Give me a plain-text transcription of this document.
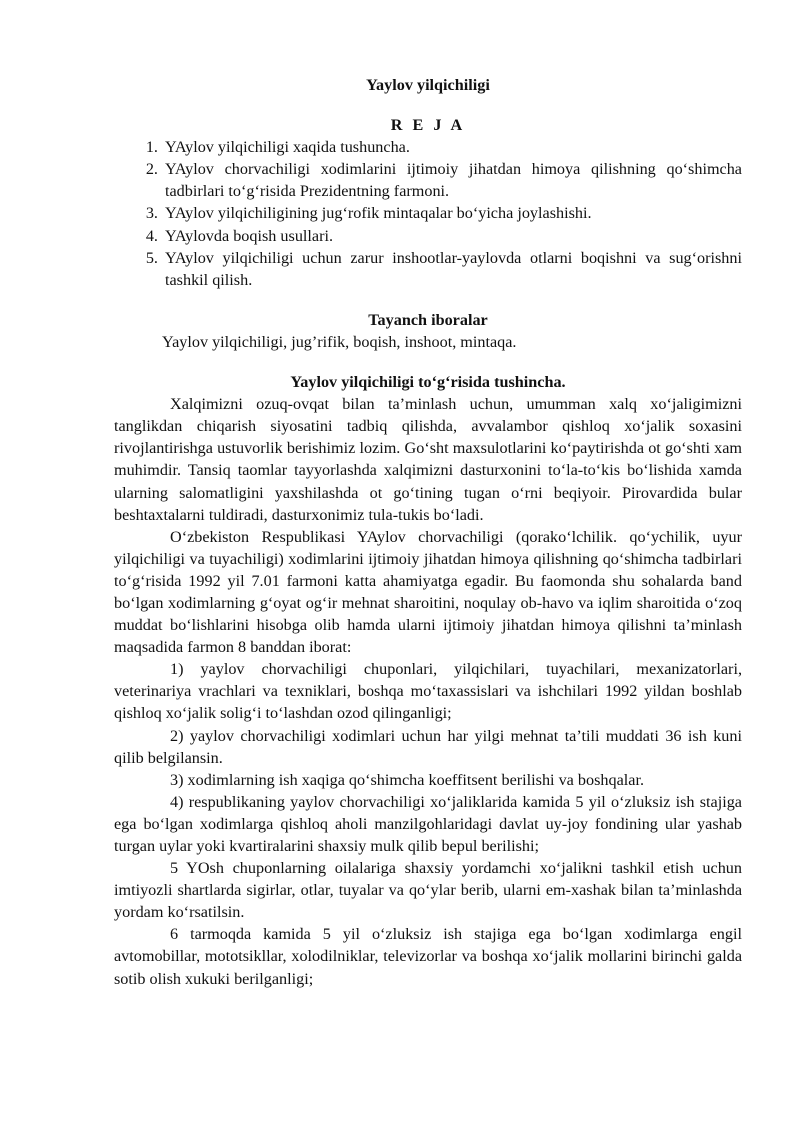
Yaylov yilqichiligi
R E J A
1. YAylov yilqichiligi xaqida tushuncha.
2. YAylov chorvachiligi xodimlarini ijtimoiy jihatdan himoya qilishning qo‘shimcha tadbirlari to‘g‘risida Prezidentning farmoni.
3. YAylov yilqichiligining jug‘rofik mintaqalar bo‘yicha joylashishi.
4. YAylovda boqish usullari.
5. YAylov yilqichiligi uchun zarur inshootlar-yaylovda otlarni boqishni va sug‘orishni tashkil qilish.
Tayanch iboralar
Yaylov yilqichiligi, jug’rifik, boqish, inshoot, mintaqa.
Yaylov yilqichiligi to‘g‘risida tushincha.

Xalqimizni ozuq-ovqat bilan ta’minlash uchun, umumman xalq xo‘jaligimizni tanglikdan chiqarish siyosatini tadbiq qilishda, avvalambor qishloq xo‘jalik soxasini rivojlantirishga ustuvorlik berishimiz lozim. Go‘sht maxsulotlarini ko‘paytirishda ot go‘shti xam muhimdir. Tansiq taomlar tayyorlashda xalqimizni dasturxonini to‘la-to‘kis bo‘lishida xamda ularning salomatligini yaxshilashda ot go‘tining tugan o‘rni beqiyoir. Pirovardida bular beshtaxtalarni tuldiradi, dasturxonimiz tula-tukis bo‘ladi.

O‘zbekiston Respublikasi YAylov chorvachiligi (qorako‘lchilik. qo‘ychilik, uyur yilqichiligi va tuyachiligi) xodimlarini ijtimoiy jihatdan himoya qilishning qo‘shimcha tadbirlari to‘g‘risida 1992 yil 7.01 farmoni katta ahamiyatga egadir. Bu faomonda shu sohalarda band bo‘lgan xodimlarning g‘oyat og‘ir mehnat sharoitini, noqulay ob-havo va iqlim sharoitida o‘zoq muddat bo‘lishlarini hisobga olib hamda ularni ijtimoiy jihatdan himoya qilishni ta’minlash maqsadida farmon 8 banddan iborat:

1) yaylov chorvachiligi chuponlari, yilqichilari, tuyachilari, mexanizatorlari, veterinariya vrachlari va texniklari, boshqa mo‘taxassislari va ishchilari 1992 yildan boshlab qishloq xo‘jalik solig‘i to‘lashdan ozod qilinganligi;

2) yaylov chorvachiligi xodimlari uchun har yilgi mehnat ta’tili muddati 36 ish kuni qilib belgilansin.

3) xodimlarning ish xaqiga qo‘shimcha koeffitsent berilishi va boshqalar.

4) respublikaning yaylov chorvachiligi xo‘jaliklarida kamida 5 yil o‘zluksiz ish stajiga ega bo‘lgan xodimlarga qishloq aholi manzilgohlaridagi davlat uy-joy fondining ular yashab turgan uylar yoki kvartiralarini shaxsiy mulk qilib bepul berilishi;

5 YOsh chuponlarning oilalariga shaxsiy yordamchi xo‘jalikni tashkil etish uchun imtiyozli shartlarda sigirlar, otlar, tuyalar va qo‘ylar berib, ularni em-xashak bilan ta’minlashda yordam ko‘rsatilsin.

6 tarmoqda kamida 5 yil o‘zluksiz ish stajiga ega bo‘lgan xodimlarga engil avtomobillar, mototsikllar, xolodilniklar, televizorlar va boshqa xo‘jalik mollarini birinchi galda sotib olish xukuki berilganligi;
